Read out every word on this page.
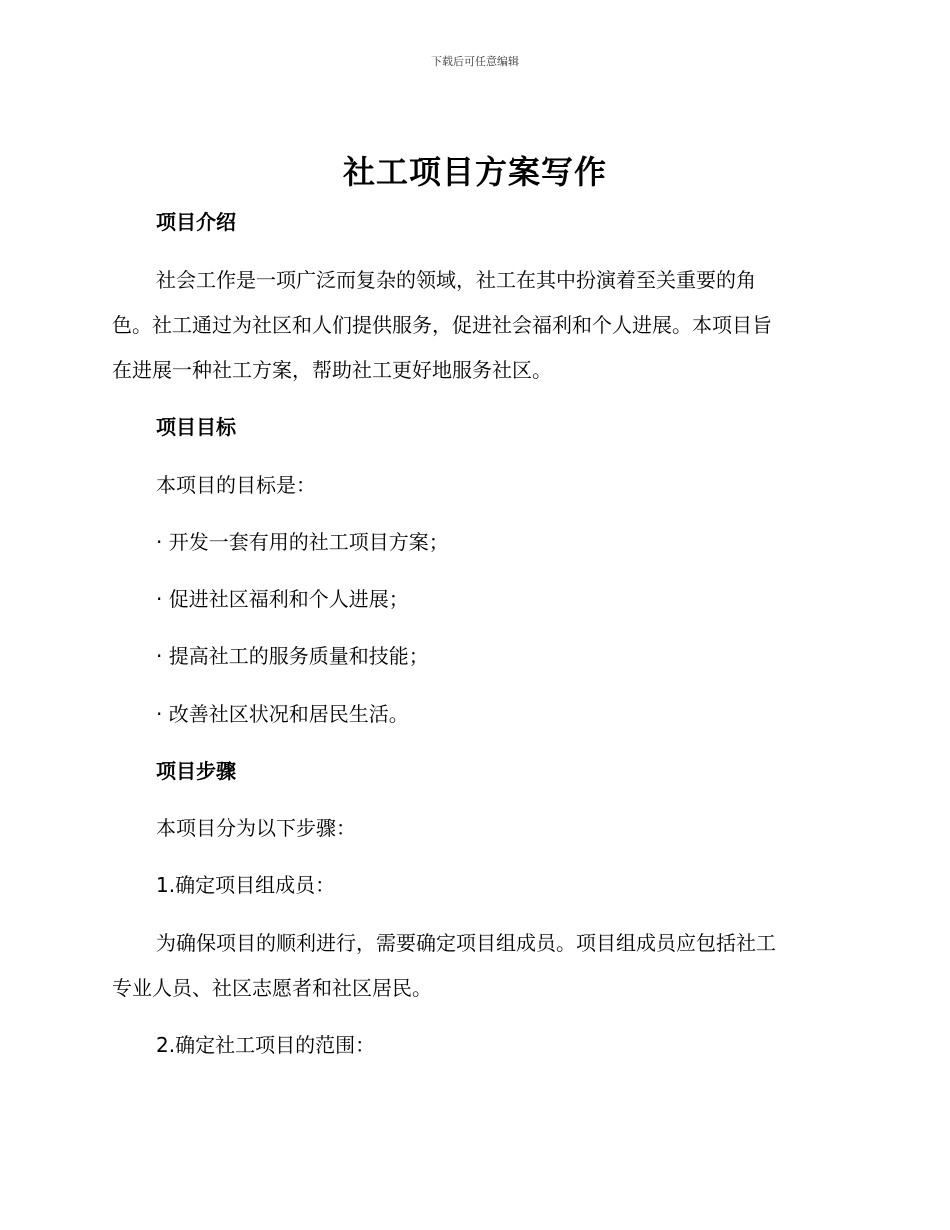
下载后可任意编辑
社工项目方案写作
项目介绍
社会工作是一项广泛而复杂的领域，社工在其中扮演着至关重要的角
色。社工通过为社区和人们提供服务，促进社会福利和个人进展。本项目旨
在进展一种社工方案，帮助社工更好地服务社区。
项目目标
本项目的目标是：
· 开发一套有用的社工项目方案；
· 促进社区福利和个人进展；
· 提高社工的服务质量和技能；
· 改善社区状况和居民生活。
项目步骤
本项目分为以下步骤：
1.确定项目组成员：
为确保项目的顺利进行，需要确定项目组成员。项目组成员应包括社工
专业人员、社区志愿者和社区居民。
2.确定社工项目的范围：
